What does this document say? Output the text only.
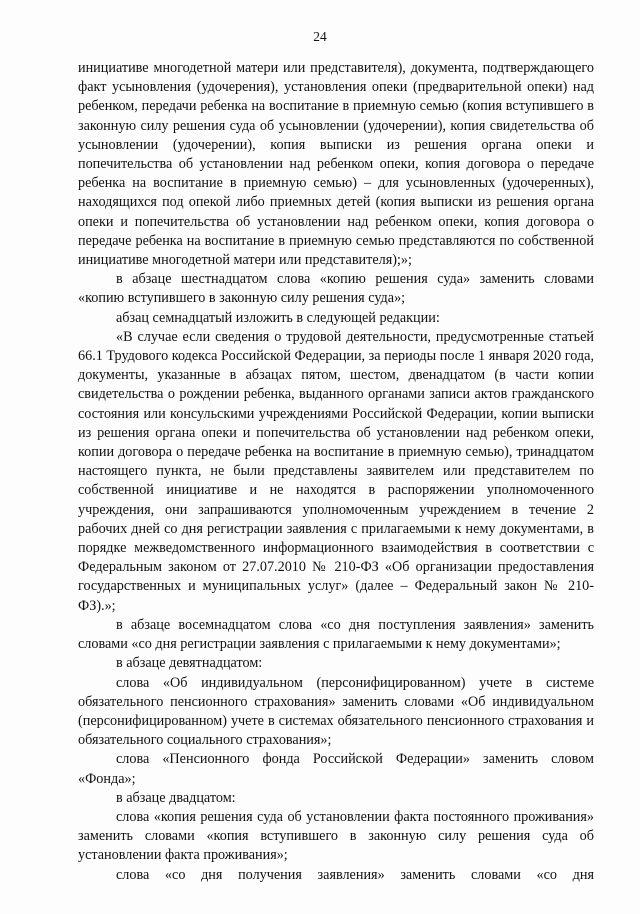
24

инициативе многодетной матери или представителя), документа, подтверждающего факт усыновления (удочерения), установления опеки (предварительной опеки) над ребенком, передачи ребенка на воспитание в приемную семью (копия вступившего в законную силу решения суда об усыновлении (удочерении), копия свидетельства об усыновлении (удочерении), копия выписки из решения органа опеки и попечительства об установлении над ребенком опеки, копия договора о передаче ребенка на воспитание в приемную семью) – для усыновленных (удочеренных), находящихся под опекой либо приемных детей (копия выписки из решения органа опеки и попечительства об установлении над ребенком опеки, копия договора о передаче ребенка на воспитание в приемную семью представляются по собственной инициативе многодетной матери или представителя);»;

в абзаце шестнадцатом слова «копию решения суда» заменить словами «копию вступившего в законную силу решения суда»;

абзац семнадцатый изложить в следующей редакции:

«В случае если сведения о трудовой деятельности, предусмотренные статьей 66.1 Трудового кодекса Российской Федерации, за периоды после 1 января 2020 года, документы, указанные в абзацах пятом, шестом, двенадцатом (в части копии свидетельства о рождении ребенка, выданного органами записи актов гражданского состояния или консульскими учреждениями Российской Федерации, копии выписки из решения органа опеки и попечительства об установлении над ребенком опеки, копии договора о передаче ребенка на воспитание в приемную семью), тринадцатом настоящего пункта, не были представлены заявителем или представителем по собственной инициативе и не находятся в распоряжении уполномоченного учреждения, они запрашиваются уполномоченным учреждением в течение 2 рабочих дней со дня регистрации заявления с прилагаемыми к нему документами, в порядке межведомственного информационного взаимодействия в соответствии с Федеральным законом от 27.07.2010 № 210-ФЗ «Об организации предоставления государственных и муниципальных услуг» (далее – Федеральный закон № 210-ФЗ).»;

в абзаце восемнадцатом слова «со дня поступления заявления» заменить словами «со дня регистрации заявления с прилагаемыми к нему документами»;

в абзаце девятнадцатом:

слова «Об индивидуальном (персонифицированном) учете в системе обязательного пенсионного страхования» заменить словами «Об индивидуальном (персонифицированном) учете в системах обязательного пенсионного страхования и обязательного социального страхования»;

слова «Пенсионного фонда Российской Федерации» заменить словом «Фонда»;

в абзаце двадцатом:

слова «копия решения суда об установлении факта постоянного проживания» заменить словами «копия вступившего в законную силу решения суда об установлении факта проживания»;

слова «со дня получения заявления» заменить словами «со дня
